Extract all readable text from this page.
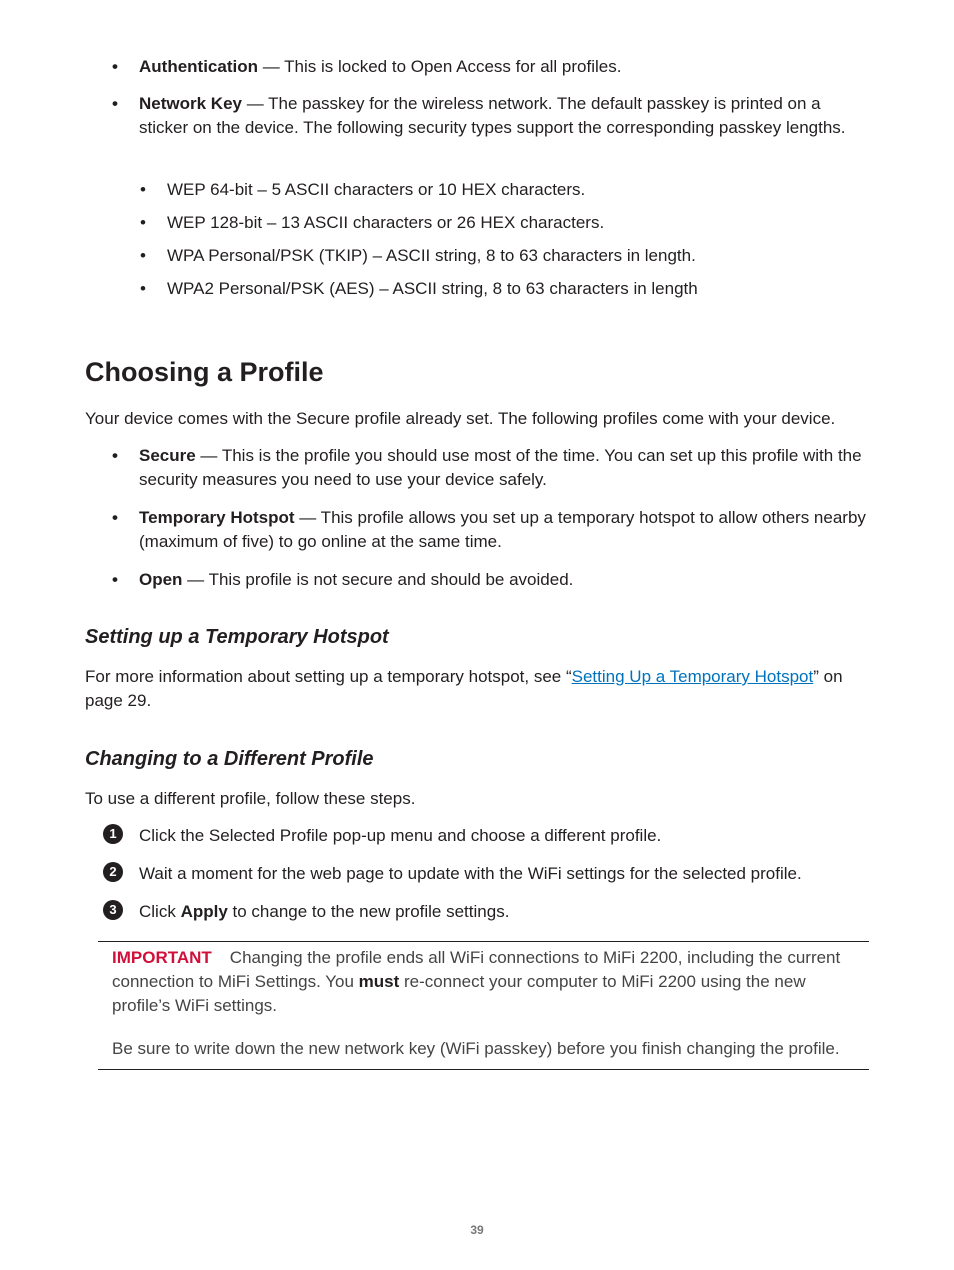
• Authentication — This is locked to Open Access for all profiles.
• Network Key — The passkey for the wireless network. The default passkey is printed on a sticker on the device. The following security types support the corresponding passkey lengths.
• WEP 64-bit – 5 ASCII characters or 10 HEX characters.
• WEP 128-bit – 13 ASCII characters or 26 HEX characters.
• WPA Personal/PSK (TKIP) – ASCII string, 8 to 63 characters in length.
• WPA2 Personal/PSK (AES) – ASCII string, 8 to 63 characters in length
Choosing a Profile
Your device comes with the Secure profile already set. The following profiles come with your device.
• Secure — This is the profile you should use most of the time. You can set up this profile with the security measures you need to use your device safely.
• Temporary Hotspot — This profile allows you set up a temporary hotspot to allow others nearby (maximum of five) to go online at the same time.
• Open — This profile is not secure and should be avoided.
Setting up a Temporary Hotspot
For more information about setting up a temporary hotspot, see “Setting Up a Temporary Hotspot” on page 29.
Changing to a Different Profile
To use a different profile, follow these steps.
1	Click the Selected Profile pop-up menu and choose a different profile.
2	Wait a moment for the web page to update with the WiFi settings for the selected profile.
3	Click Apply to change to the new profile settings.
IMPORTANT Changing the profile ends all WiFi connections to MiFi 2200, including the current connection to MiFi Settings. You must re-connect your computer to MiFi 2200 using the new profile’s WiFi settings.
Be sure to write down the new network key (WiFi passkey) before you finish changing the profile.
39
